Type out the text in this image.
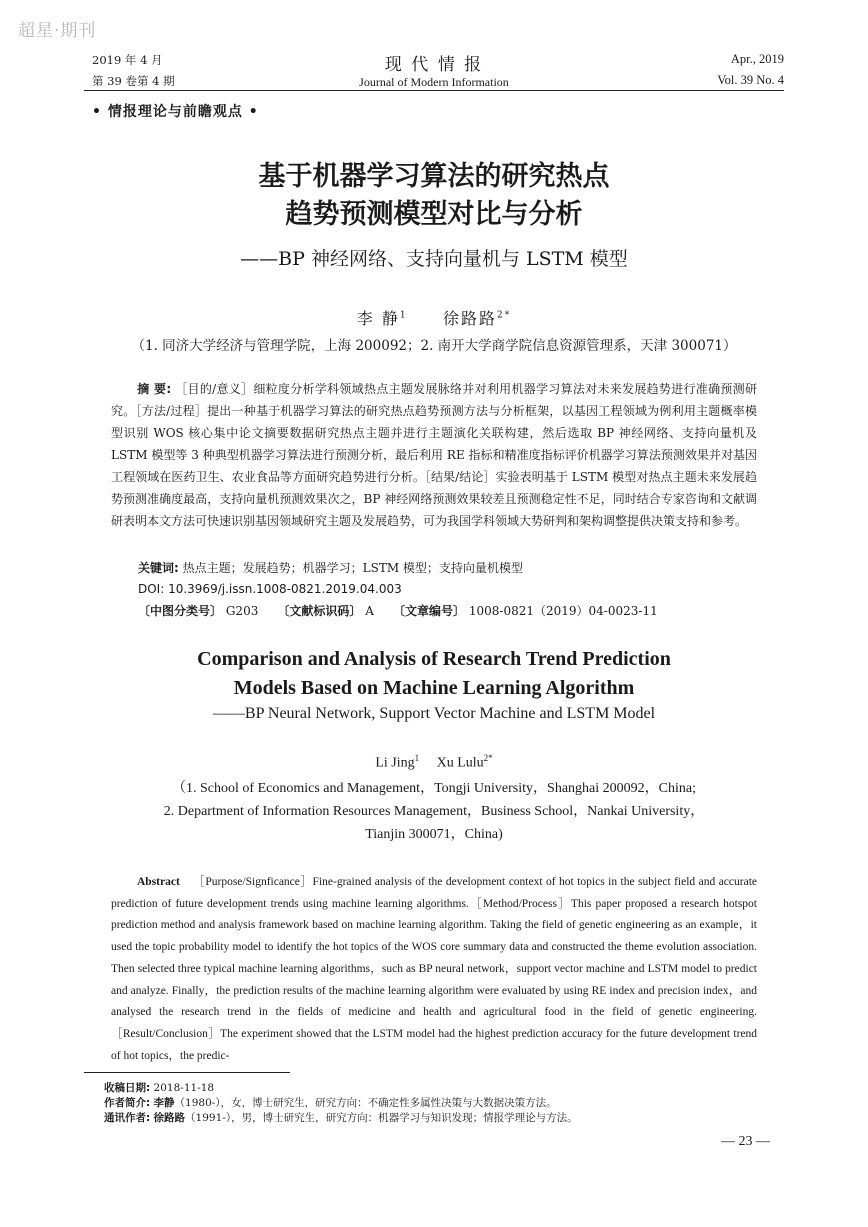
超星·期刊
2019 年 4 月
第 39 卷第 4 期
现 代 情 报
Journal of Modern Information
Apr., 2019
Vol. 39 No. 4
• 情报理论与前瞻观点 •
基于机器学习算法的研究热点
趋势预测模型对比与分析
——BP 神经网络、支持向量机与 LSTM 模型
李 静$^1$ 徐路路$^{2*}$
（1. 同济大学经济与管理学院，上海 200092；2. 南开大学商学院信息资源管理系，天津 300071）
摘 要: ［目的/意义］细粒度分析学科领域热点主题发展脉络并对利用机器学习算法对未来发展趋势进行准确预测研究。［方法/过程］提出一种基于机器学习算法的研究热点趋势预测方法与分析框架，以基因工程领域为例利用主题概率模型识别 WOS 核心集中论文摘要数据研究热点主题并进行主题演化关联构建，然后选取 BP 神经网络、支持向量机及 LSTM 模型等 3 种典型机器学习算法进行预测分析，最后利用 RE 指标和精准度指标评价机器学习算法预测效果并对基因工程领域在医药卫生、农业食品等方面研究趋势进行分析。［结果/结论］实验表明基于 LSTM 模型对热点主题未来发展趋势预测准确度最高，支持向量机预测效果次之，BP 神经网络预测效果较差且预测稳定性不足，同时结合专家咨询和文献调研表明本文方法可快速识别基因领域研究主题及发展趋势，可为我国学科领域大势研判和架构调整提供决策支持和参考。
关键词: 热点主题；发展趋势；机器学习；LSTM 模型；支持向量机模型
DOI: 10.3969/j.issn.1008-0821.2019.04.003
〔中图分类号〕 G203 〔文献标识码〕 A 〔文章编号〕 1008-0821（2019）04-0023-11
Comparison and Analysis of Research Trend Prediction
Models Based on Machine Learning Algorithm
——BP Neural Network, Support Vector Machine and LSTM Model
Li Jing$^1$ Xu Lulu$^{2*}$
（1. School of Economics and Management，Tongji University，Shanghai 200092，China;
2. Department of Information Resources Management，Business School，Nankai University，
Tianjin 300071，China)
Abstract ［Purpose/Signficance］Fine-grained analysis of the development context of hot topics in the subject field and accurate prediction of future development trends using machine learning algorithms.［Method/Process］This paper proposed a research hotspot prediction method and analysis framework based on machine learning algorithm. Taking the field of genetic engineering as an example，it used the topic probability model to identify the hot topics of the WOS core summary data and constructed the theme evolution association. Then selected three typical machine learning algorithms，such as BP neural network，support vector machine and LSTM model to predict and analyze. Finally，the prediction results of the machine learning algorithm were evaluated by using RE index and precision index，and analysed the research trend in the fields of medicine and health and agricultural food in the field of genetic engineering.［Result/Conclusion］The experiment showed that the LSTM model had the highest prediction accuracy for the future development trend of hot topics，the predic-
收稿日期: 2018-11-18
作者简介: 李静（1980-），女，博士研究生，研究方向：不确定性多属性决策与大数据决策方法。
通讯作者: 徐路路（1991-），男，博士研究生，研究方向：机器学习与知识发现；情报学理论与方法。
— 23 —
